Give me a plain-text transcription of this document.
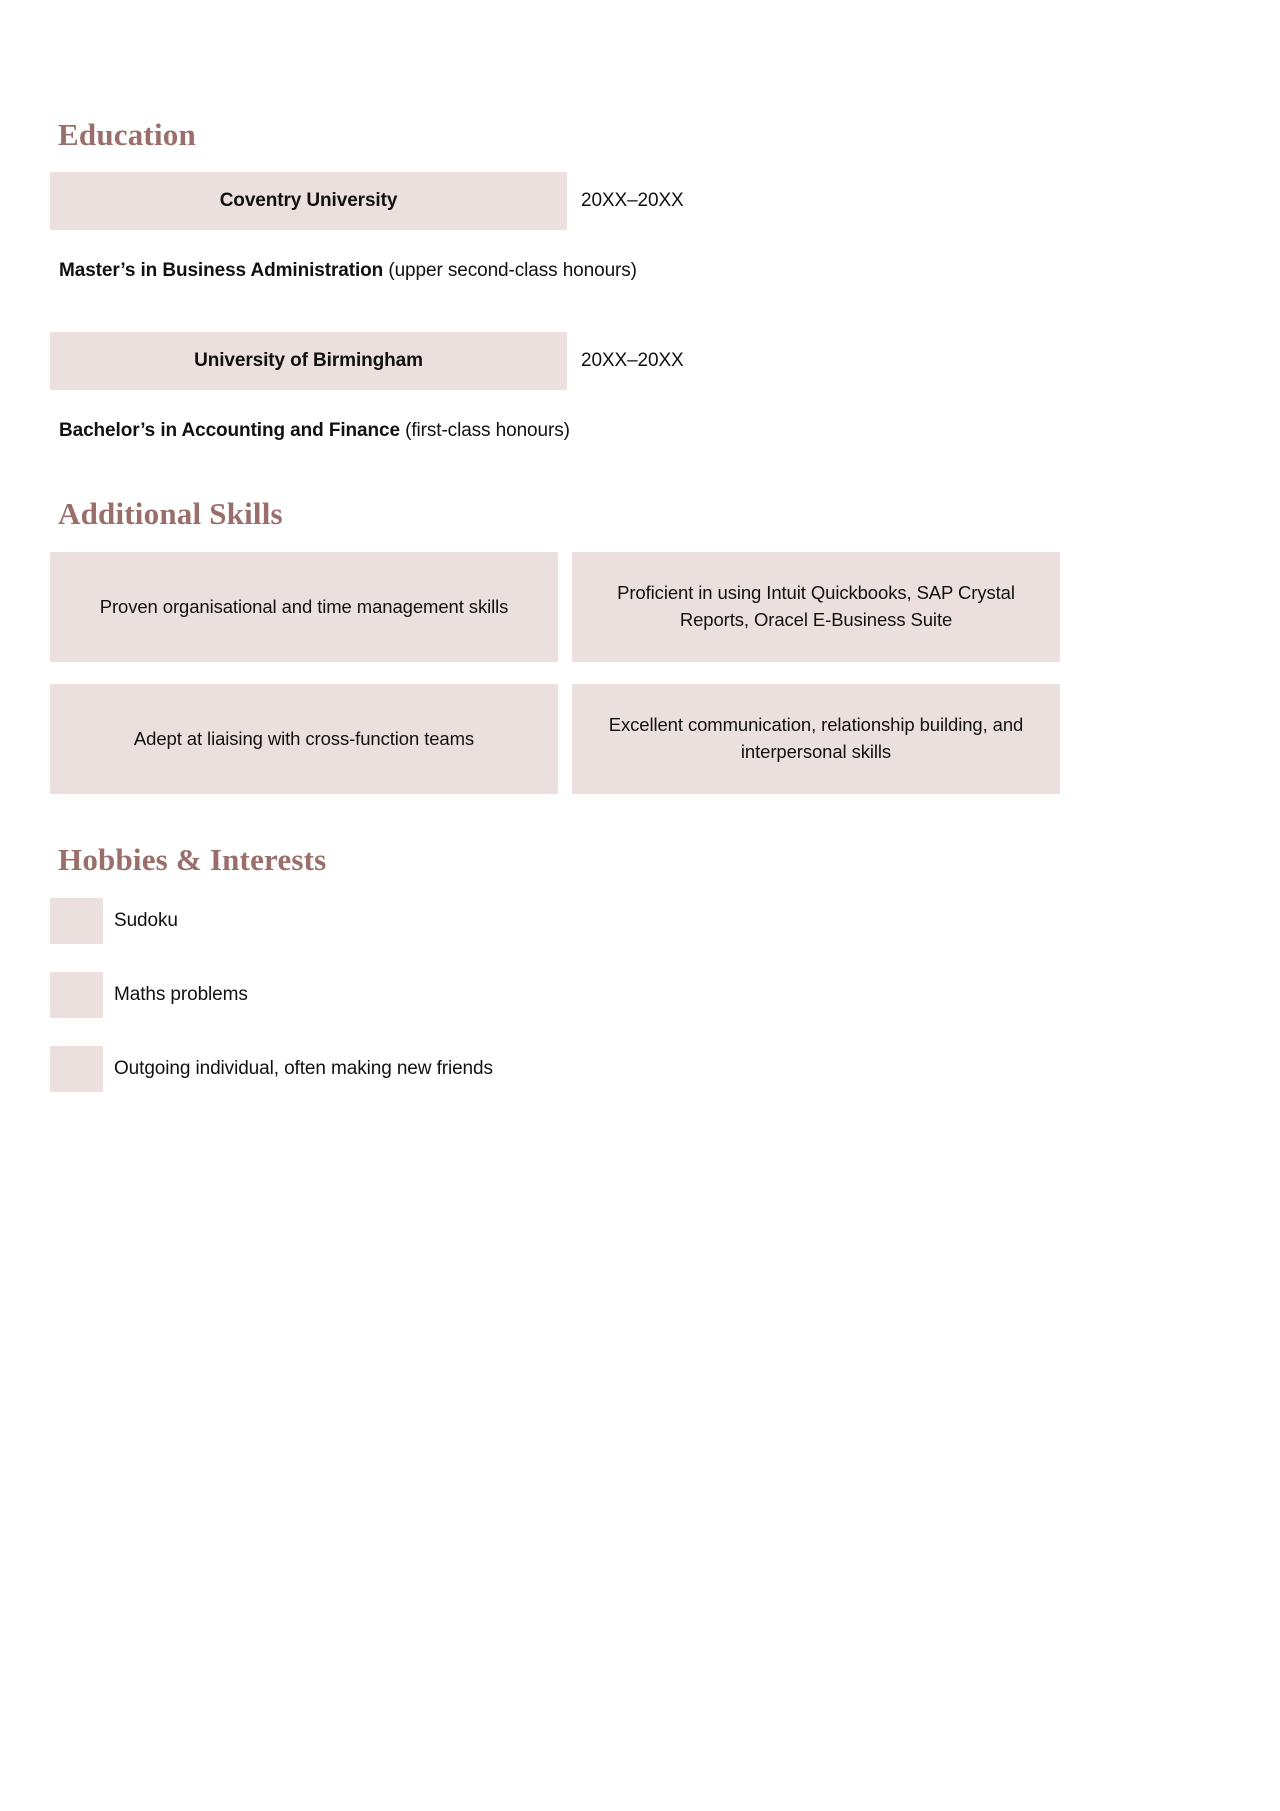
Education
Coventry University	20XX–20XX
Master’s in Business Administration (upper second-class honours)
University of Birmingham	20XX–20XX
Bachelor’s in Accounting and Finance (first-class honours)
Additional Skills
Proven organisational and time management skills
Proficient in using Intuit Quickbooks, SAP Crystal Reports, Oracel E-Business Suite
Adept at liaising with cross-function teams
Excellent communication, relationship building, and interpersonal skills
Hobbies & Interests
Sudoku
Maths problems
Outgoing individual, often making new friends
